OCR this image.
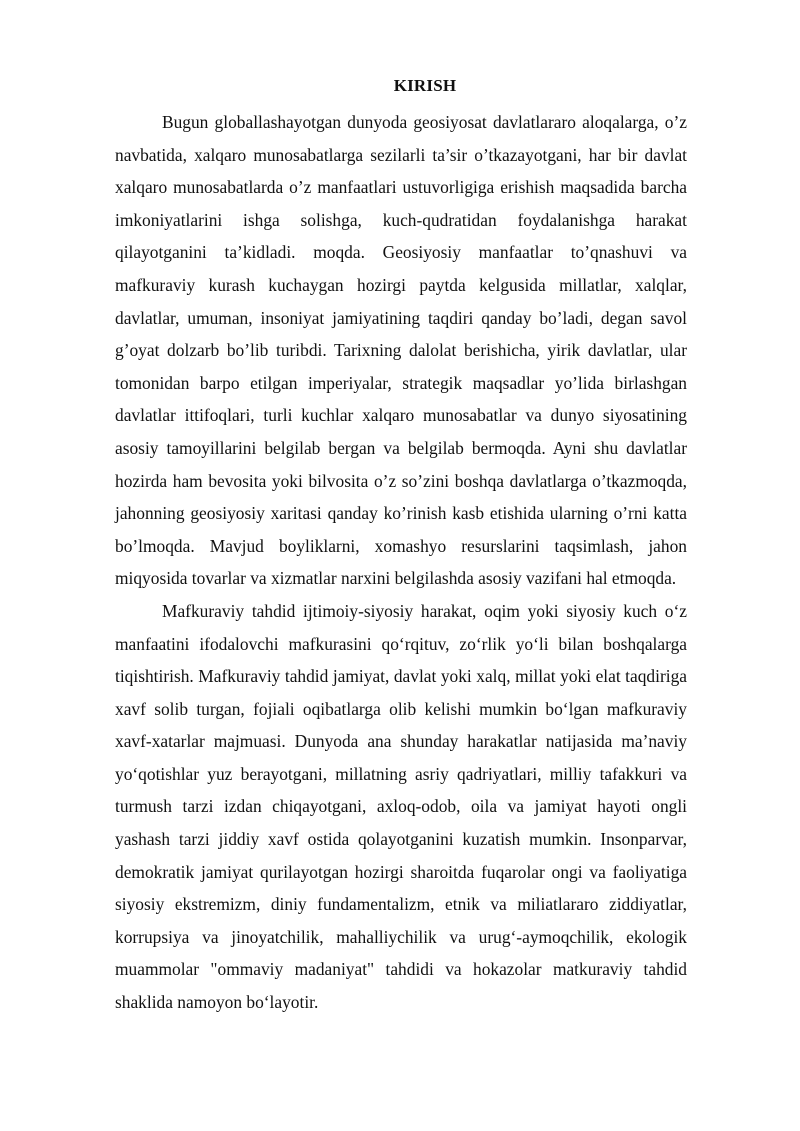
KIRISH

Bugun globallashayotgan dunyoda geosiyosat davlatlararo aloqalarga, o’z navbatida, xalqaro munosabatlarga sezilarli ta’sir o’tkazayotgani, har bir davlat xalqaro munosabatlarda o’z manfaatlari ustuvorligiga erishish maqsadida barcha imkoniyatlarini ishga solishga, kuch-qudratidan foydalanishga harakat qilayotganini ta’kidladi. moqda. Geosiyosiy manfaatlar to’qnashuvi va mafkuraviy kurash kuchaygan hozirgi paytda kelgusida millatlar, xalqlar, davlatlar, umuman, insoniyat jamiyatining taqdiri qanday bo’ladi, degan savol g’oyat dolzarb bo’lib turibdi. Tarixning dalolat berishicha, yirik davlatlar, ular tomonidan barpo etilgan imperiyalar, strategik maqsadlar yo’lida birlashgan davlatlar ittifoqlari, turli kuchlar xalqaro munosabatlar va dunyo siyosatining asosiy tamoyillarini belgilab bergan va belgilab bermoqda. Ayni shu davlatlar hozirda ham bevosita yoki bilvosita o’z so’zini boshqa davlatlarga o’tkazmoqda, jahonning geosiyosiy xaritasi qanday ko’rinish kasb etishida ularning o’rni katta bo’lmoqda. Mavjud boyliklarni, xomashyo resurslarini taqsimlash, jahon miqyosida tovarlar va xizmatlar narxini belgilashda asosiy vazifani hal etmoqda.

Mafkuraviy tahdid ijtimoiy-siyosiy harakat, oqim yoki siyosiy kuch o‘z manfaatini ifodalovchi mafkurasini qo‘rqituv, zo‘rlik yo‘li bilan boshqalarga tiqishtirish. Mafkuraviy tahdid jamiyat, davlat yoki xalq, millat yoki elat taqdiriga xavf solib turgan, fojiali oqibatlarga olib kelishi mumkin bo‘lgan mafkuraviy xavf-xatarlar majmuasi. Dunyoda ana shunday harakatlar natijasida ma’naviy yo‘qotishlar yuz berayotgani, millatning asriy qadriyatlari, milliy tafakkuri va turmush tarzi izdan chiqayotgani, axloq-odob, oila va jamiyat hayoti ongli yashash tarzi jiddiy xavf ostida qolayotganini kuzatish mumkin. Insonparvar, demokratik jamiyat qurilayotgan hozirgi sharoitda fuqarolar ongi va faoliyatiga siyosiy ekstremizm, diniy fundamentalizm, etnik va miliatlararo ziddiyatlar, korrupsiya va jinoyatchilik, mahalliychilik va urug‘-aymoqchilik, ekologik muammolar "ommaviy madaniyat" tahdidi va hokazolar matkuraviy tahdid shaklida namoyon bo‘layotir.
